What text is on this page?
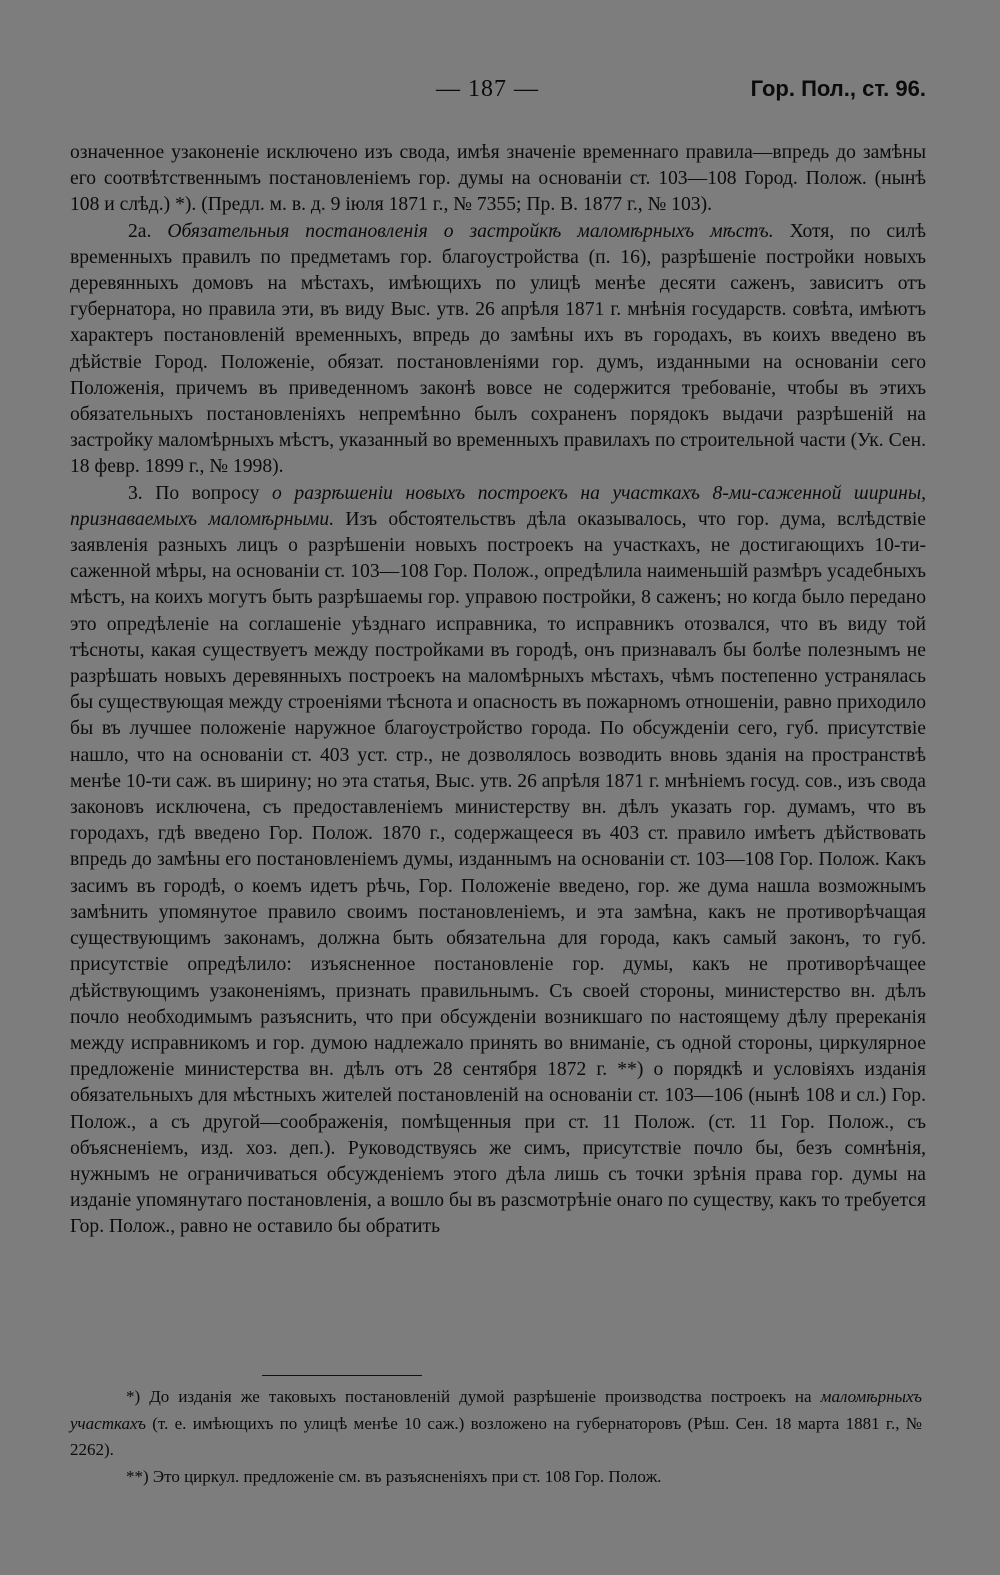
— 187 —	Гор. Пол., ст. 96.

означенное узаконеніе исключено изъ свода, имѣя значеніе временнаго правила—впредь до замѣны его соотвѣтственнымъ постановленіемъ гор. думы на основаніи ст. 103—108 Город. Полож. (нынѣ 108 и слѣд.) *). (Предл. м. в. д. 9 іюля 1871 г., № 7355; Пр. В. 1877 г., № 103).

2а. Обязательныя постановленія о застройкѣ маломѣрныхъ мѣстъ. Хотя, по силѣ временныхъ правилъ по предметамъ гор. благоустройства (п. 16), разрѣшеніе постройки новыхъ деревянныхъ домовъ на мѣстахъ, имѣющихъ по улицѣ менѣе десяти саженъ, зависитъ отъ губернатора, но правила эти, въ виду Выс. утв. 26 апрѣля 1871 г. мнѣнія государств. совѣта, имѣютъ характеръ постановленій временныхъ, впредь до замѣны ихъ въ городахъ, въ коихъ введено въ дѣйствіе Город. Положеніе, обязат. постановленіями гор. думъ, изданными на основаніи сего Положенія, причемъ въ приведенномъ законѣ вовсе не содержится требованіе, чтобы въ этихъ обязательныхъ постановленіяхъ непремѣнно былъ сохраненъ порядокъ выдачи разрѣшеній на застройку маломѣрныхъ мѣстъ, указанный во временныхъ правилахъ по строительной части (Ук. Сен. 18 февр. 1899 г., № 1998).

3. По вопросу о разрѣшеніи новыхъ построекъ на участкахъ 8-ми-саженной ширины, признаваемыхъ маломѣрными. Изъ обстоятельствъ дѣла оказывалось, что гор. дума, вслѣдствіе заявленія разныхъ лицъ о разрѣшеніи новыхъ построекъ на участкахъ, не достигающихъ 10-ти-саженной мѣры, на основаніи ст. 103—108 Гор. Полож., опредѣлила наименьшій размѣръ усадебныхъ мѣстъ, на коихъ могутъ быть разрѣшаемы гор. управою постройки, 8 саженъ; но когда было передано это опредѣленіе на соглашеніе уѣзднаго исправника, то исправникъ отозвался, что въ виду той тѣсноты, какая существуетъ между постройками въ городѣ, онъ признавалъ бы болѣе полезнымъ не разрѣшать новыхъ деревянныхъ построекъ на маломѣрныхъ мѣстахъ, чѣмъ постепенно устранялась бы существующая между строеніями тѣснота и опасность въ пожарномъ отношеніи, равно приходило бы въ лучшее положеніе наружное благоустройство города. По обсужденіи сего, губ. присутствіе нашло, что на основаніи ст. 403 уст. стр., не дозволялось возводить вновь зданія на пространствѣ менѣе 10-ти саж. въ ширину; но эта статья, Выс. утв. 26 апрѣля 1871 г. мнѣніемъ госуд. сов., изъ свода законовъ исключена, съ предоставленіемъ министерству вн. дѣлъ указать гор. думамъ, что въ городахъ, гдѣ введено Гор. Полож. 1870 г., содержащееся въ 403 ст. правило имѣетъ дѣйствовать впредь до замѣны его постановленіемъ думы, изданнымъ на основаніи ст. 103—108 Гор. Полож. Какъ засимъ въ городѣ, о коемъ идетъ рѣчь, Гор. Положеніе введено, гор. же дума нашла возможнымъ замѣнить упомянутое правило своимъ постановленіемъ, и эта замѣна, какъ не противорѣчащая существующимъ законамъ, должна быть обязательна для города, какъ самый законъ, то губ. присутствіе опредѣлило: изъясненное постановленіе гор. думы, какъ не противорѣчащее дѣйствующимъ узаконеніямъ, признать правильнымъ. Съ своей стороны, министерство вн. дѣлъ почло необходимымъ разъяснить, что при обсужденіи возникшаго по настоящему дѣлу пререканія между исправникомъ и гор. думою надлежало принять во вниманіе, съ одной стороны, циркулярное предложеніе министерства вн. дѣлъ отъ 28 сентября 1872 г. **) о порядкѣ и условіяхъ изданія обязательныхъ для мѣстныхъ жителей постановленій на основаніи ст. 103—106 (нынѣ 108 и сл.) Гор. Полож., а съ другой—соображенія, помѣщенныя при ст. 11 Полож. (ст. 11 Гор. Полож., съ объясненіемъ, изд. хоз. деп.). Руководствуясь же симъ, присутствіе почло бы, безъ сомнѣнія, нужнымъ не ограничиваться обсужденіемъ этого дѣла лишь съ точки зрѣнія права гор. думы на изданіе упомянутаго постановленія, а вошло бы въ разсмотрѣніе онаго по существу, какъ то требуется Гор. Полож., равно не оставило бы обратить

*) До изданія же таковыхъ постановленій думой разрѣшеніе производства построекъ на маломѣрныхъ участкахъ (т. е. имѣющихъ по улицѣ менѣе 10 саж.) возложено на губернаторовъ (Рѣш. Сен. 18 марта 1881 г., № 2262).

**) Это циркул. предложеніе см. въ разъясненіяхъ при ст. 108 Гор. Полож.
